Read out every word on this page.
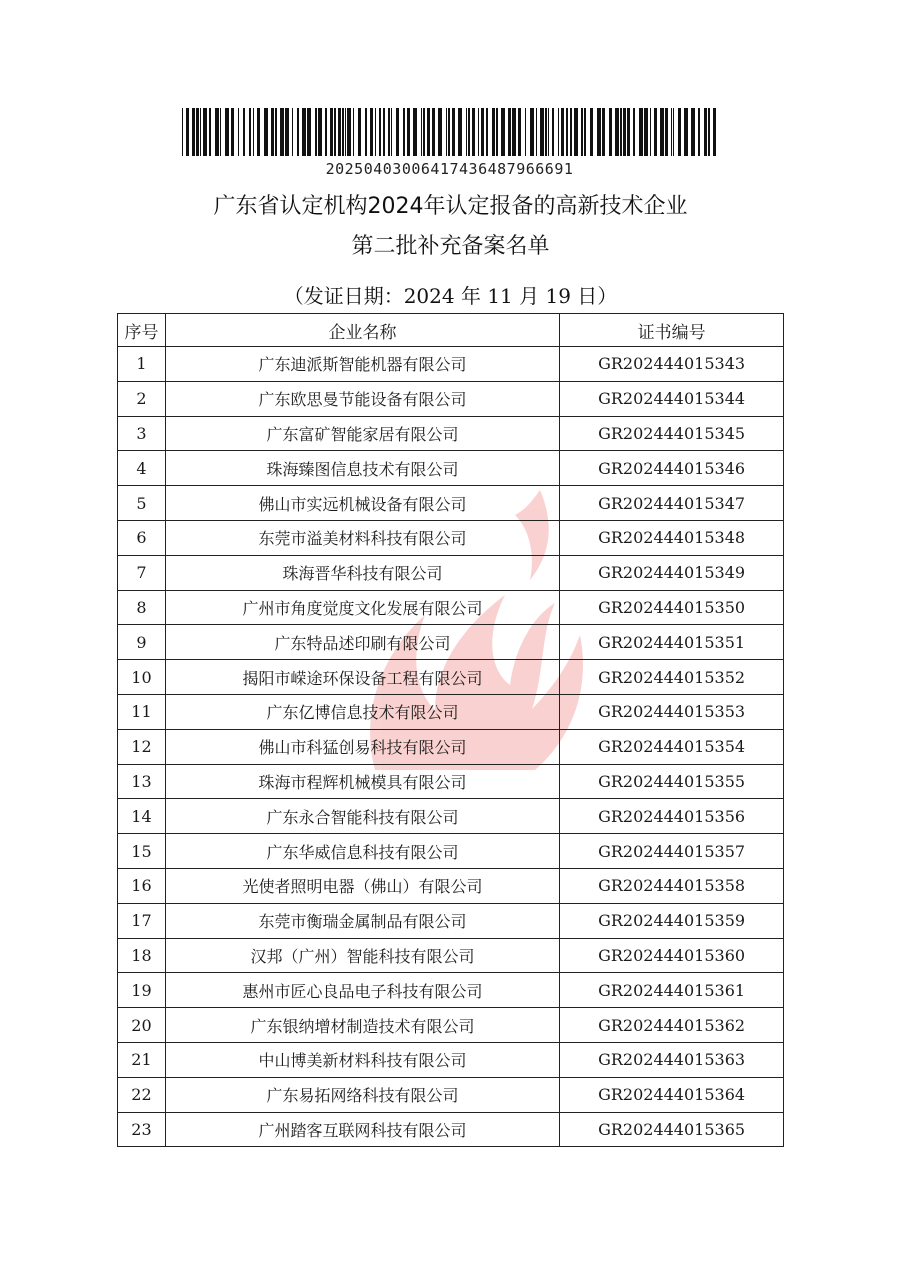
20250403006417436487966691
广东省认定机构2024年认定报备的高新技术企业
第二批补充备案名单
（发证日期：2024 年 11 月 19 日）
序号	企业名称	证书编号
1	广东迪派斯智能机器有限公司	GR202444015343
2	广东欧思曼节能设备有限公司	GR202444015344
3	广东富矿智能家居有限公司	GR202444015345
4	珠海臻图信息技术有限公司	GR202444015346
5	佛山市实远机械设备有限公司	GR202444015347
6	东莞市溢美材料科技有限公司	GR202444015348
7	珠海晋华科技有限公司	GR202444015349
8	广州市角度觉度文化发展有限公司	GR202444015350
9	广东特品述印刷有限公司	GR202444015351
10	揭阳市嵘途环保设备工程有限公司	GR202444015352
11	广东亿博信息技术有限公司	GR202444015353
12	佛山市科猛创易科技有限公司	GR202444015354
13	珠海市程辉机械模具有限公司	GR202444015355
14	广东永合智能科技有限公司	GR202444015356
15	广东华威信息科技有限公司	GR202444015357
16	光使者照明电器（佛山）有限公司	GR202444015358
17	东莞市衡瑞金属制品有限公司	GR202444015359
18	汉邦（广州）智能科技有限公司	GR202444015360
19	惠州市匠心良品电子科技有限公司	GR202444015361
20	广东银纳增材制造技术有限公司	GR202444015362
21	中山博美新材料科技有限公司	GR202444015363
22	广东易拓网络科技有限公司	GR202444015364
23	广州踏客互联网科技有限公司	GR202444015365
